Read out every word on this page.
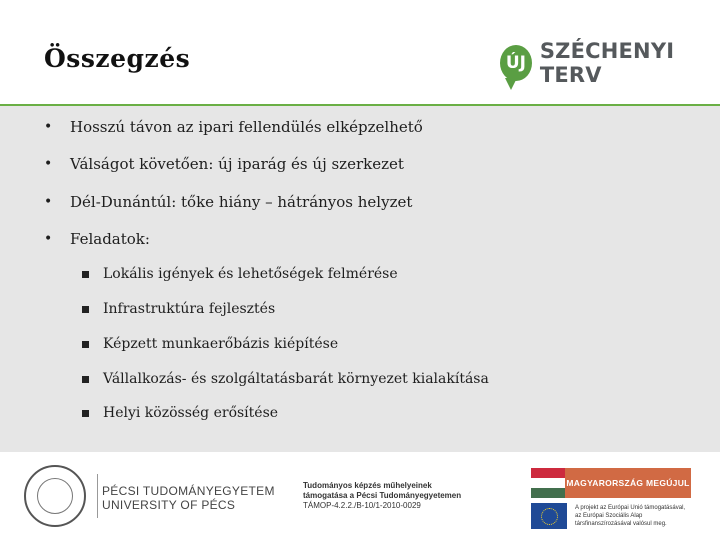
Összegzés	ÚJ SZÉCHENYI TERV
•	Hosszú távon az ipari fellendülés elképzelhető
•	Válságot követően: új iparág és új szerkezet
•	Dél-Dunántúl: tőke hiány – hátrányos helyzet
•	Feladatok:
Lokális igények és lehetőségek felmérése
Infrastruktúra fejlesztés
Képzett munkaerőbázis kiépítése
Vállalkozás- és szolgáltatásbarát környezet kialakítása
Helyi közösség erősítése
PÉCSI TUDOMÁNYEGYETEM
UNIVERSITY OF PÉCS
Tudományos képzés műhelyeinek
támogatása a Pécsi Tudományegyetemen
TÁMOP-4.2.2./B-10/1-2010-0029
MAGYARORSZÁG MEGÚJUL
A projekt az Európai Unió támogatásával,
az Európai Szociális Alap
társfinanszírozásával valósul meg.
